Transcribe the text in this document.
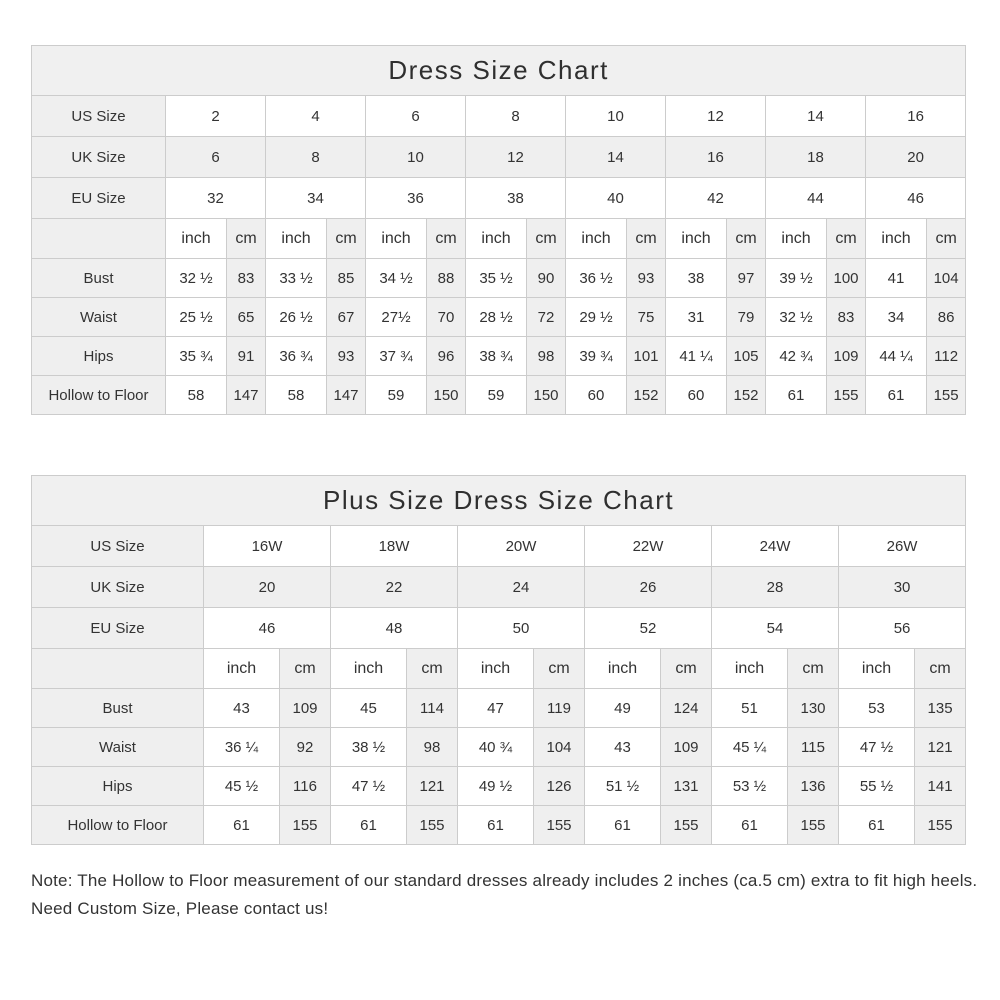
Dress Size Chart																
US Size	2		4		6		8		10		12		14		16	
UK Size	6		8		10		12		14		16		18		20	
EU Size	32		34		36		38		40		42		44		46	
	inch	cm	inch	cm	inch	cm	inch	cm	inch	cm	inch	cm	inch	cm	inch	cm
Bust	32 ½	83	33 ½	85	34 ½	88	35 ½	90	36 ½	93	38	97	39 ½	100	41	104
Waist	25 ½	65	26 ½	67	27½	70	28 ½	72	29 ½	75	31	79	32 ½	83	34	86
Hips	35 ¾	91	36 ¾	93	37 ¾	96	38 ¾	98	39 ¾	101	41 ¼	105	42 ¾	109	44 ¼	112
Hollow to Floor	58	147	58	147	59	150	59	150	60	152	60	152	61	155	61	155
Plus Size Dress Size Chart												
US Size	16W		18W		20W		22W		24W		26W	
UK Size	20		22		24		26		28		30	
EU Size	46		48		50		52		54		56	
	inch	cm	inch	cm	inch	cm	inch	cm	inch	cm	inch	cm
Bust	43	109	45	114	47	119	49	124	51	130	53	135
Waist	36 ¼	92	38 ½	98	40 ¾	104	43	109	45 ¼	115	47 ½	121
Hips	45 ½	116	47 ½	121	49 ½	126	51 ½	131	53 ½	136	55 ½	141
Hollow to Floor	61	155	61	155	61	155	61	155	61	155	61	155

Note: The Hollow to Floor measurement of our standard dresses already includes 2 inches (ca.5 cm) extra to fit high heels.

Need Custom Size, Please contact us!
